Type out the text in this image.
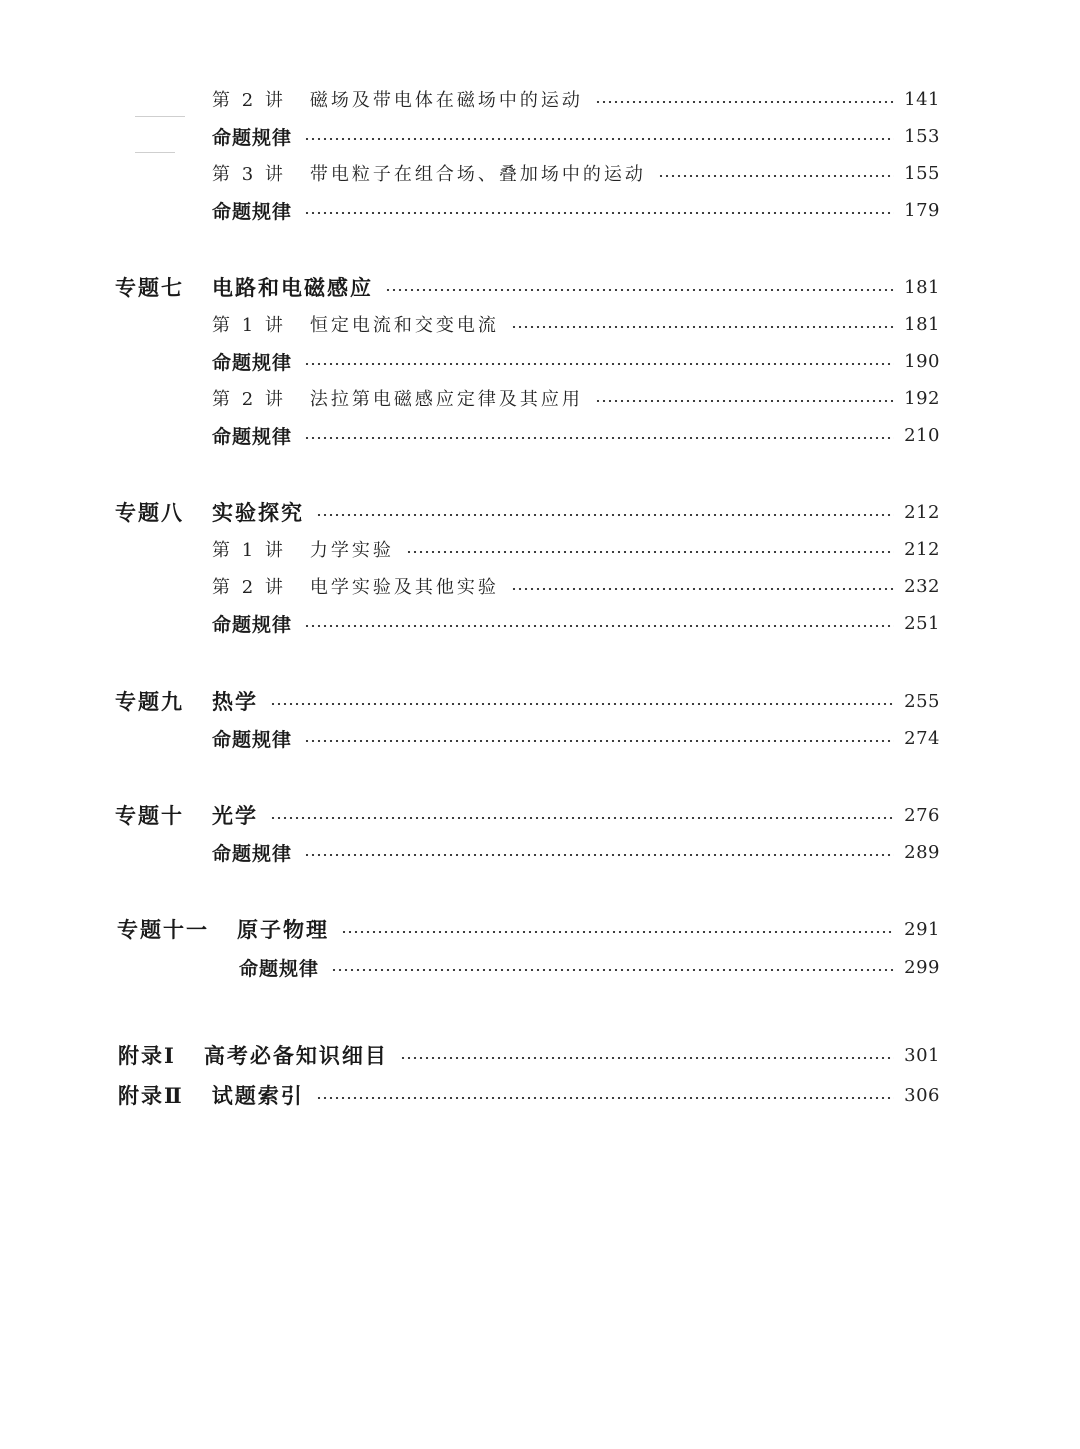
第 2 讲 磁场及带电体在磁场中的运动	141
命题规律	153
第 3 讲 带电粒子在组合场、叠加场中的运动	155
命题规律	179
专题七 电路和电磁感应	181
第 1 讲 恒定电流和交变电流	181
命题规律	190
第 2 讲 法拉第电磁感应定律及其应用	192
命题规律	210
专题八 实验探究	212
第 1 讲 力学实验	212
第 2 讲 电学实验及其他实验	232
命题规律	251
专题九 热学	255
命题规律	274
专题十 光学	276
命题规律	289
专题十一 原子物理	291
命题规律	299
附录Ⅰ 高考必备知识细目	301
附录Ⅱ 试题索引	306
